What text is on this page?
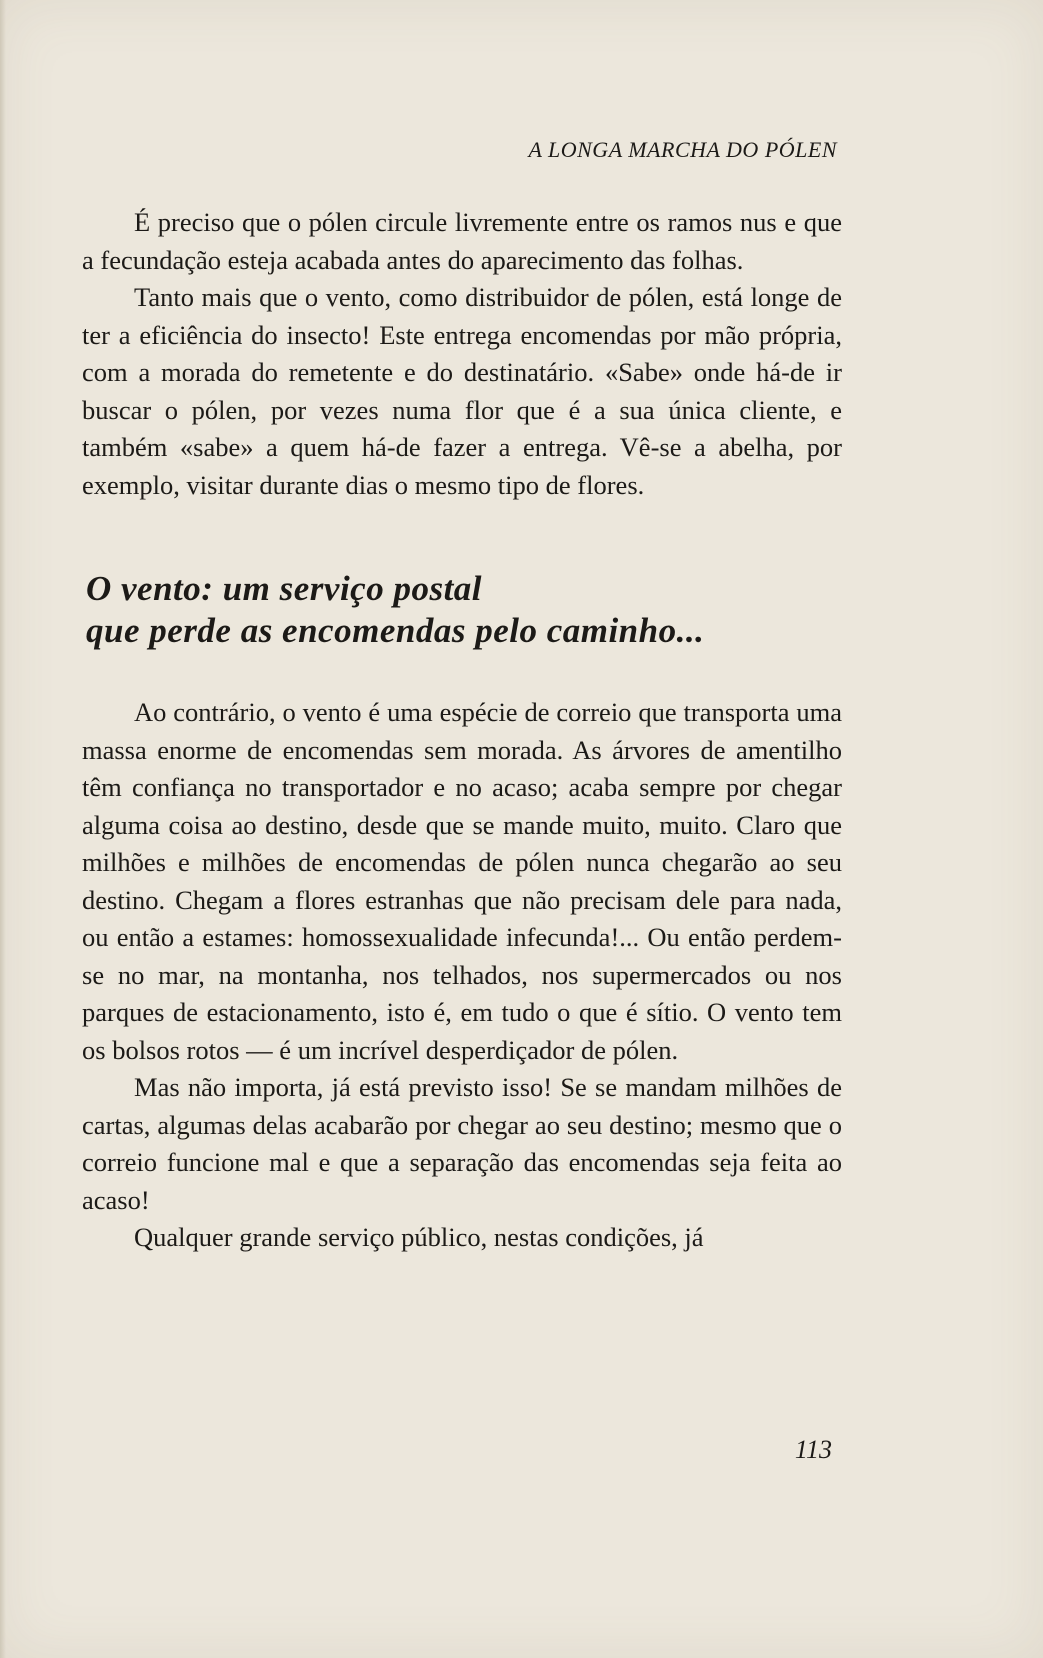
A LONGA MARCHA DO PÓLEN

É preciso que o pólen circule livremente entre os ramos nus e que a fecundação esteja acabada antes do aparecimento das folhas.

Tanto mais que o vento, como distribuidor de pólen, está longe de ter a eficiência do insecto! Este entrega encomendas por mão própria, com a morada do remetente e do destinatário. «Sabe» onde há-de ir buscar o pólen, por vezes numa flor que é a sua única cliente, e também «sabe» a quem há-de fazer a entrega. Vê-se a abelha, por exemplo, visitar durante dias o mesmo tipo de flores.

O vento: um serviço postal
que perde as encomendas pelo caminho...

Ao contrário, o vento é uma espécie de correio que transporta uma massa enorme de encomendas sem morada. As árvores de amentilho têm confiança no transportador e no acaso; acaba sempre por chegar alguma coisa ao destino, desde que se mande muito, muito. Claro que milhões e milhões de encomendas de pólen nunca chegarão ao seu destino. Chegam a flores estranhas que não precisam dele para nada, ou então a estames: homossexualidade infecunda!... Ou então perdem-se no mar, na montanha, nos telhados, nos supermercados ou nos parques de estacionamento, isto é, em tudo o que é sítio. O vento tem os bolsos rotos — é um incrível desperdiçador de pólen.

Mas não importa, já está previsto isso! Se se mandam milhões de cartas, algumas delas acabarão por chegar ao seu destino; mesmo que o correio funcione mal e que a separação das encomendas seja feita ao acaso!

Qualquer grande serviço público, nestas condições, já

113
